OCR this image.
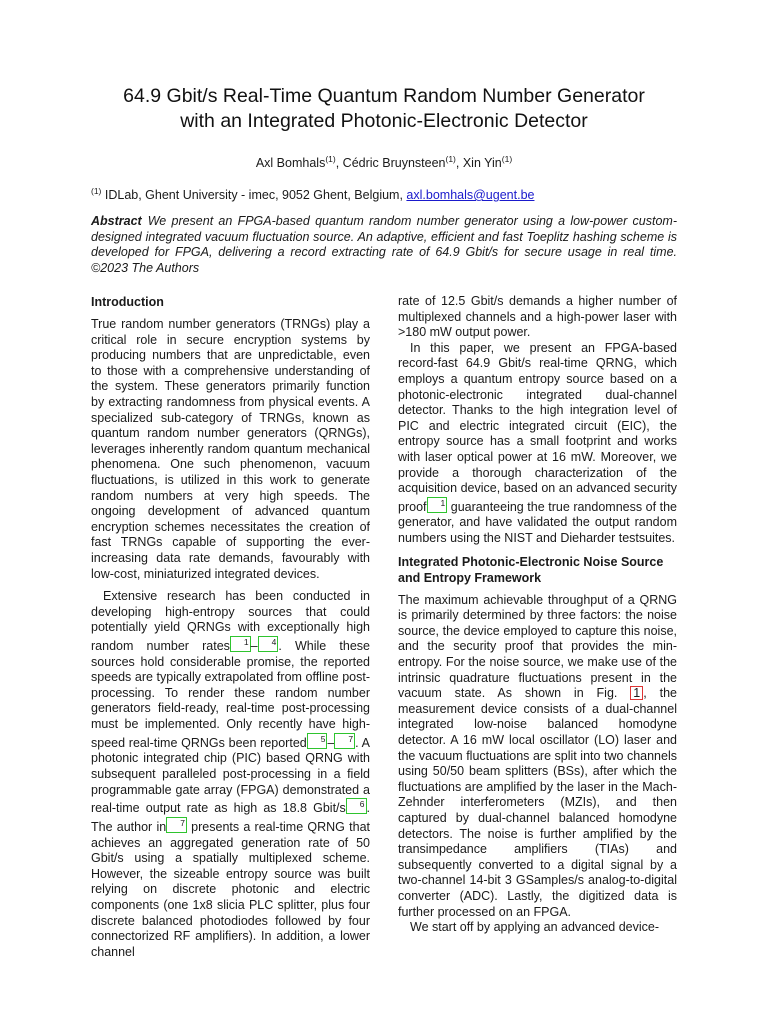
64.9 Gbit/s Real-Time Quantum Random Number Generator
with an Integrated Photonic-Electronic Detector
Axl Bomhals$^{(1)}$, Cédric Bruynsteen$^{(1)}$, Xin Yin$^{(1)}$
$^{(1)}$ IDLab, Ghent University - imec, 9052 Ghent, Belgium, axl.bomhals@ugent.be
Abstract We present an FPGA-based quantum random number generator using a low-power custom-designed integrated vacuum fluctuation source. An adaptive, efficient and fast Toeplitz hashing scheme is developed for FPGA, delivering a record extracting rate of 64.9 Gbit/s for secure usage in real time. ©2023 The Authors
Introduction

True random number generators (TRNGs) play a critical role in secure encryption systems by producing numbers that are unpredictable, even to those with a comprehensive understanding of the system. These generators primarily function by extracting randomness from physical events. A specialized sub-category of TRNGs, known as quantum random number generators (QRNGs), leverages inherently random quantum mechanical phenomena. One such phenomenon, vacuum fluctuations, is utilized in this work to generate random numbers at very high speeds. The ongoing development of advanced quantum encryption schemes necessitates the creation of fast TRNGs capable of supporting the ever-increasing data rate demands, favourably with low-cost, miniaturized integrated devices.

Extensive research has been conducted in developing high-entropy sources that could potentially yield QRNGs with exceptionally high random number rates $^1$ – $^4$ . While these sources hold considerable promise, the reported speeds are typically extrapolated from offline post-processing. To render these random number generators field-ready, real-time post-processing must be implemented. Only recently have high-speed real-time QRNGs been reported $^5$ – $^7$ . A photonic integrated chip (PIC) based QRNG with subsequent paralleled post-processing in a field programmable gate array (FPGA) demonstrated a real-time output rate as high as 18.8 Gbit/s $^6$ . The author in $^7$ presents a real-time QRNG that achieves an aggregated generation rate of 50 Gbit/s using a spatially multiplexed scheme. However, the sizeable entropy source was built relying on discrete photonic and electric components (one 1x8 slicia PLC splitter, plus four discrete balanced photodiodes followed by four connectorized RF amplifiers). In addition, a lower channel

rate of 12.5 Gbit/s demands a higher number of multiplexed channels and a high-power laser with >180 mW output power.

In this paper, we present an FPGA-based record-fast 64.9 Gbit/s real-time QRNG, which employs a quantum entropy source based on a photonic-electronic integrated dual-channel detector. Thanks to the high integration level of PIC and electric integrated circuit (EIC), the entropy source has a small footprint and works with laser optical power at 16 mW. Moreover, we provide a thorough characterization of the acquisition device, based on an advanced security proof $^1$ guaranteeing the true randomness of the generator, and have validated the output random numbers using the NIST and Dieharder testsuites.

Integrated Photonic-Electronic Noise Source and Entropy Framework

The maximum achievable throughput of a QRNG is primarily determined by three factors: the noise source, the device employed to capture this noise, and the security proof that provides the min-entropy. For the noise source, we make use of the intrinsic quadrature fluctuations present in the vacuum state. As shown in Fig. 1 , the measurement device consists of a dual-channel integrated low-noise balanced homodyne detector. A 16 mW local oscillator (LO) laser and the vacuum fluctuations are split into two channels using 50/50 beam splitters (BSs), after which the fluctuations are amplified by the laser in the Mach-Zehnder interferometers (MZIs), and then captured by dual-channel balanced homodyne detectors. The noise is further amplified by the transimpedance amplifiers (TIAs) and subsequently converted to a digital signal by a two-channel 14-bit 3 GSamples/s analog-to-digital converter (ADC). Lastly, the digitized data is further processed on an FPGA.

We start off by applying an advanced device-
